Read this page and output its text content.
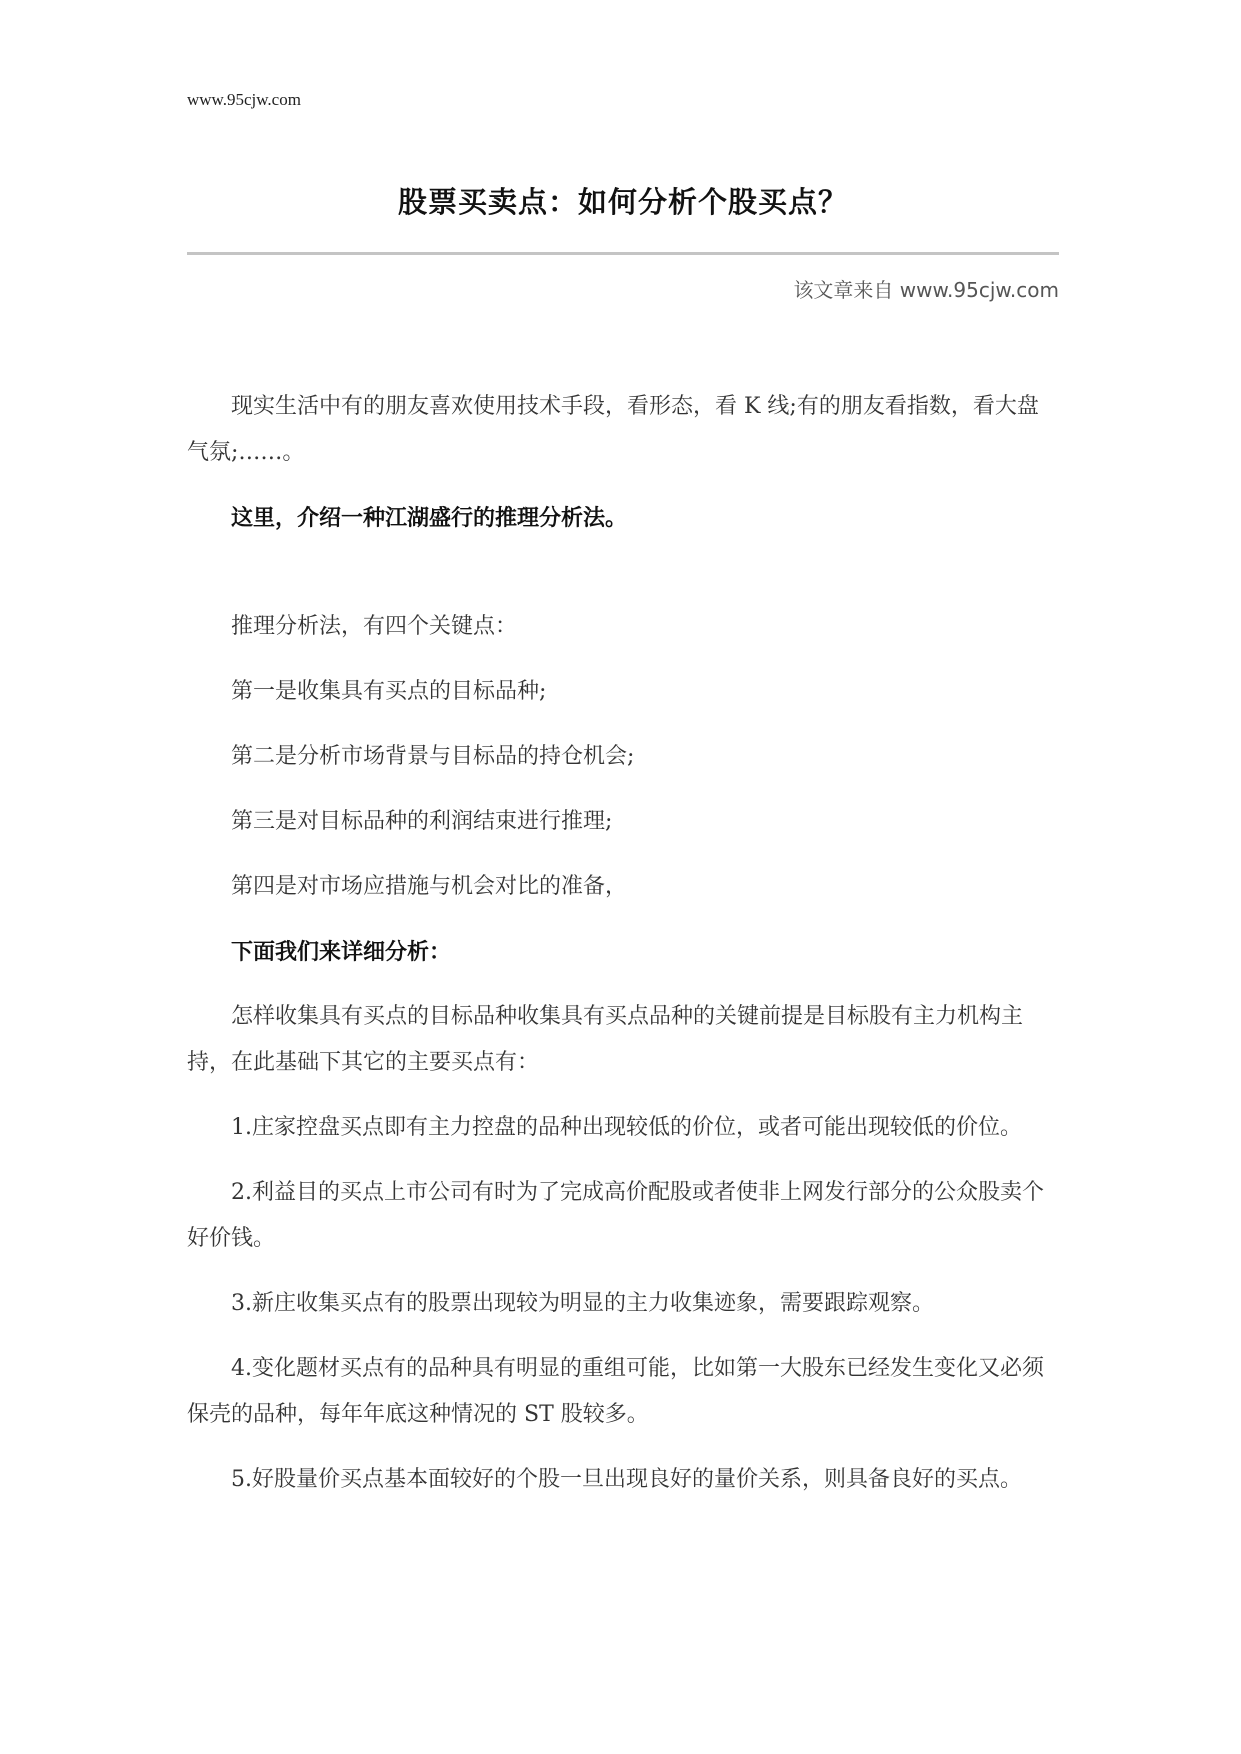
www.95cjw.com
股票买卖点：如何分析个股买点？
该文章来自 www.95cjw.com

现实生活中有的朋友喜欢使用技术手段，看形态，看 K 线;有的朋友看指数，看大盘气氛;……。

这里，介绍一种江湖盛行的推理分析法。

推理分析法，有四个关键点：

第一是收集具有买点的目标品种;

第二是分析市场背景与目标品的持仓机会;

第三是对目标品种的利润结束进行推理;

第四是对市场应措施与机会对比的准备，

下面我们来详细分析：

怎样收集具有买点的目标品种收集具有买点品种的关键前提是目标股有主力机构主持，在此基础下其它的主要买点有：

1.庄家控盘买点即有主力控盘的品种出现较低的价位，或者可能出现较低的价位。

2.利益目的买点上市公司有时为了完成高价配股或者使非上网发行部分的公众股卖个好价钱。

3.新庄收集买点有的股票出现较为明显的主力收集迹象，需要跟踪观察。

4.变化题材买点有的品种具有明显的重组可能，比如第一大股东已经发生变化又必须保壳的品种，每年年底这种情况的 ST 股较多。

5.好股量价买点基本面较好的个股一旦出现良好的量价关系，则具备良好的买点。
